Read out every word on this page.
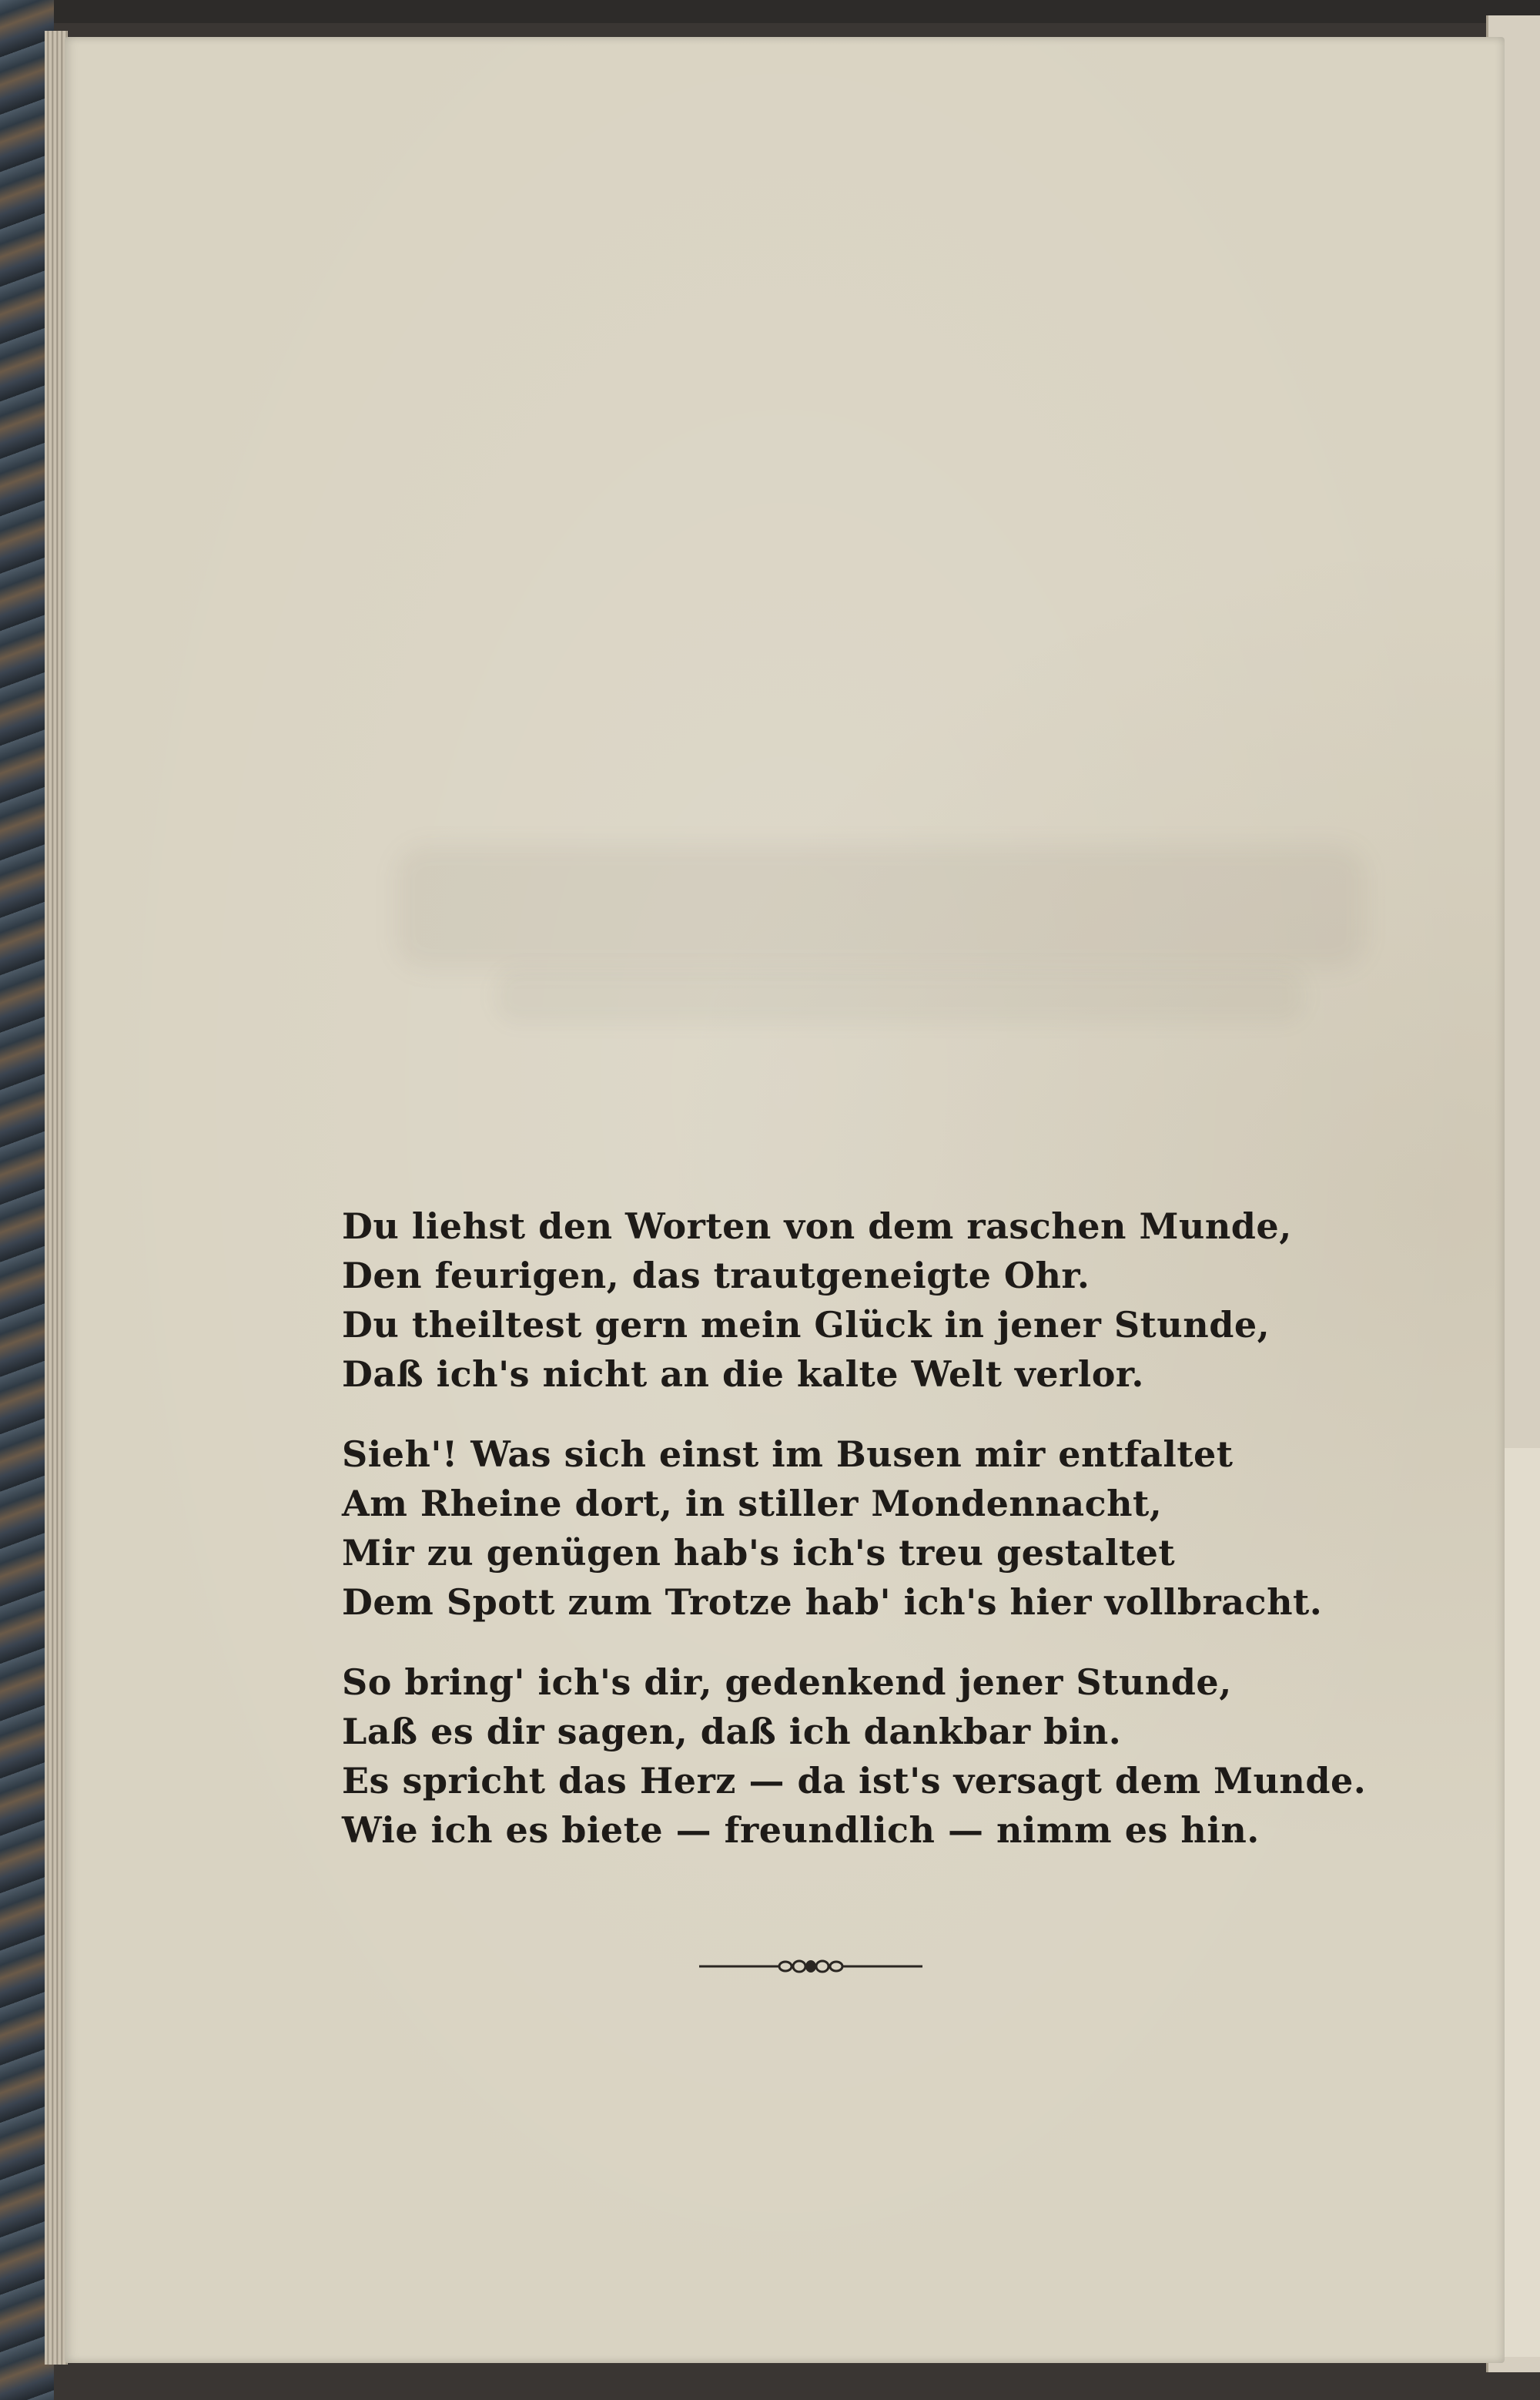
Du liehst den Worten von dem raschen Munde,
Den feurigen, das trautgeneigte Ohr.
Du theiltest gern mein Glück in jener Stunde,
Daß ich's nicht an die kalte Welt verlor.
Sieh'! Was sich einst im Busen mir entfaltet
Am Rheine dort, in stiller Mondennacht,
Mir zu genügen hab's ich's treu gestaltet
Dem Spott zum Trotze hab' ich's hier vollbracht.
So bring' ich's dir, gedenkend jener Stunde,
Laß es dir sagen, daß ich dankbar bin.
Es spricht das Herz — da ist's versagt dem Munde.
Wie ich es biete — freundlich — nimm es hin.
